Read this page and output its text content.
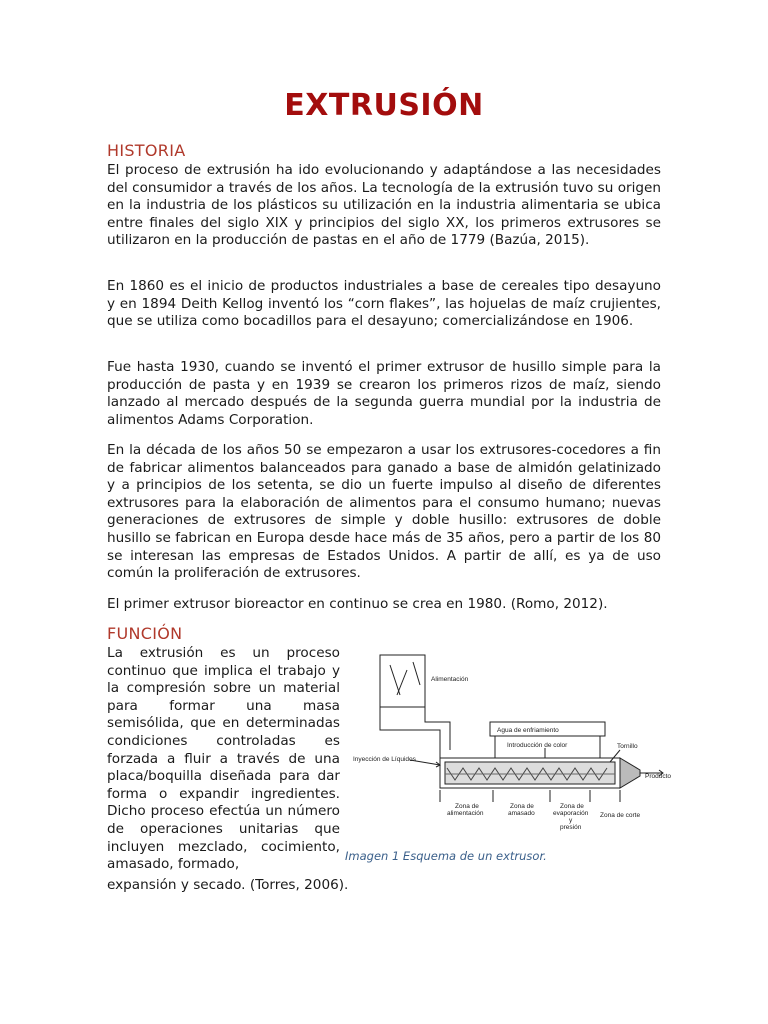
EXTRUSIÓN
HISTORIA

El proceso de extrusión ha ido evolucionando y adaptándose a las necesidades del consumidor a través de los años. La tecnología de la extrusión tuvo su origen en la industria de los plásticos su utilización en la industria alimentaria se ubica entre finales del siglo XIX y principios del siglo XX, los primeros extrusores se utilizaron en la producción de pastas en el año de 1779 (Bazúa, 2015).

En 1860 es el inicio de productos industriales a base de cereales tipo desayuno y en 1894 Deith Kellog inventó los “corn flakes”, las hojuelas de maíz crujientes, que se utiliza como bocadillos para el desayuno; comercializándose en 1906.

Fue hasta 1930, cuando se inventó el primer extrusor de husillo simple para la producción de pasta y en 1939 se crearon los primeros rizos de maíz, siendo lanzado al mercado después de la segunda guerra mundial por la industria de alimentos Adams Corporation.

En la década de los años 50 se empezaron a usar los extrusores-cocedores a fin de fabricar alimentos balanceados para ganado a base de almidón gelatinizado y a principios de los setenta, se dio un fuerte impulso al diseño de diferentes extrusores para la elaboración de alimentos para el consumo humano; nuevas generaciones de extrusores de simple y doble husillo: extrusores de doble husillo se fabrican en Europa desde hace más de 35 años, pero a partir de los 80 se interesan las empresas de Estados Unidos. A partir de allí, es ya de uso común la proliferación de extrusores.

El primer extrusor bioreactor en continuo se crea en 1980. (Romo, 2012).

FUNCIÓN

La extrusión es un proceso continuo que implica el trabajo y la compresión sobre un material para formar una masa semisólida, que en determinadas condiciones controladas es forzada a fluir a través de una placa/boquilla diseñada para dar forma o expandir ingredientes. Dicho proceso efectúa un número de operaciones unitarias que incluyen mezclado, cocimiento, amasado, formado,

expansión y secado. (Torres, 2006).

Alimentación
Agua de enfriamiento
Introducción de color	Tornillo
Inyección de Líquidos
Producto
Zona de
alimentación
Zona de
amasado
Zona de
evaporación
y
presión
Zona de corte
Imagen 1 Esquema de un extrusor.
